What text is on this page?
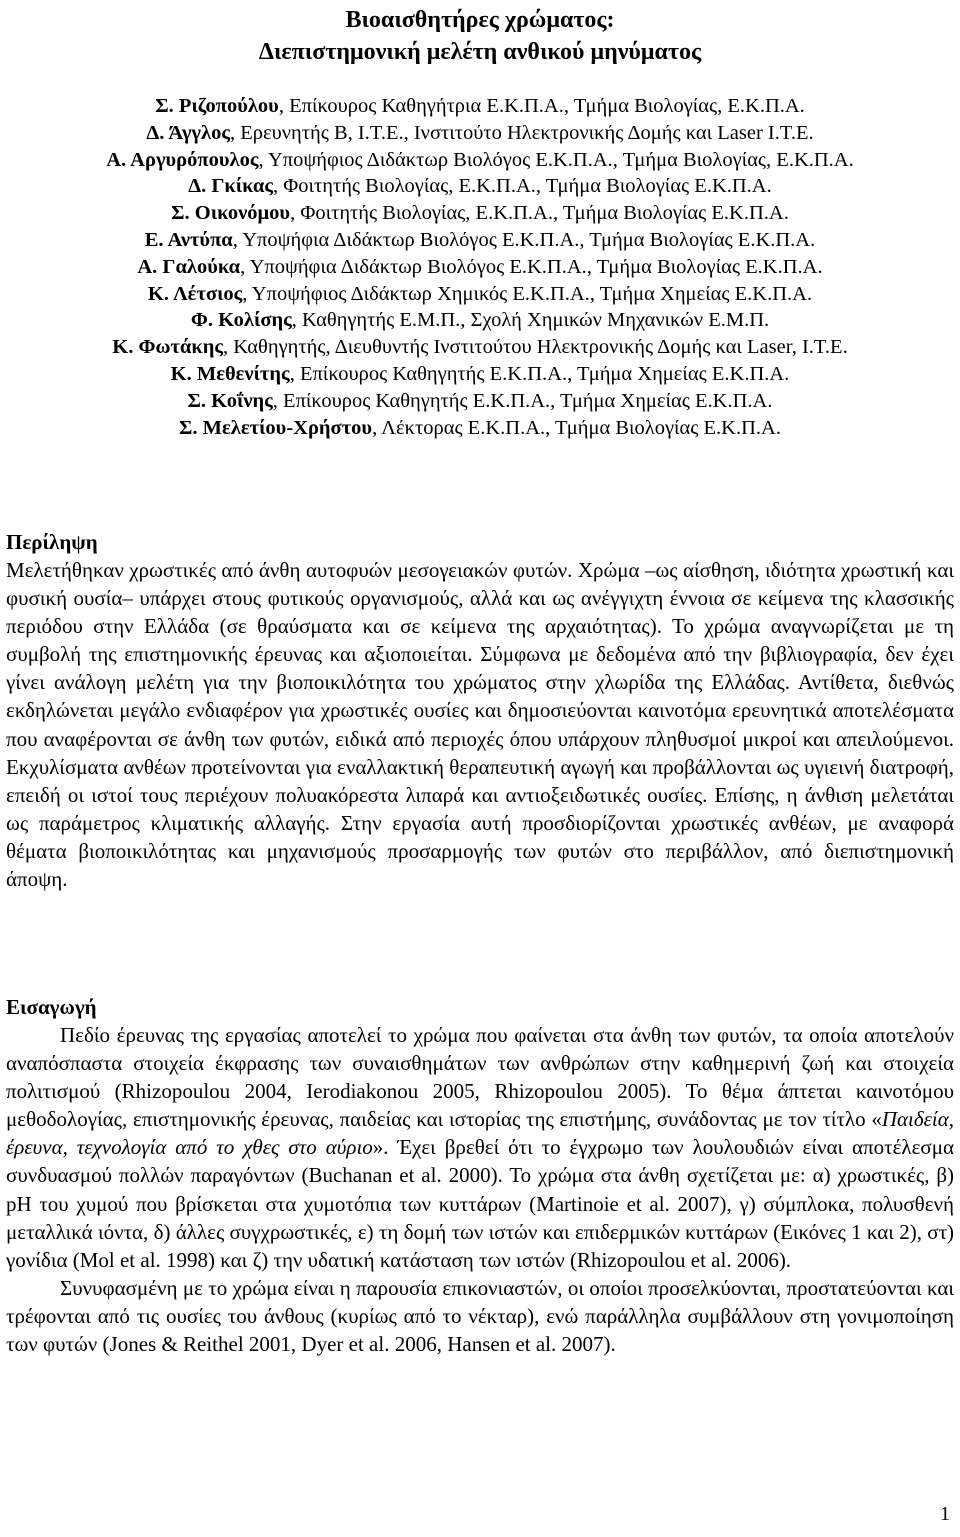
Βιοαισθητήρες χρώματος:
Διεπιστημονική μελέτη ανθικού μηνύματος
Σ. Ριζοπούλου, Επίκουρος Καθηγήτρια Ε.Κ.Π.Α., Τμήμα Βιολογίας, Ε.Κ.Π.Α.
Δ. Άγγλος, Ερευνητής Β, Ι.Τ.Ε., Ινστιτούτο Ηλεκτρονικής Δομής και Laser Ι.Τ.Ε.
Α. Αργυρόπουλος, Υποψήφιος Διδάκτωρ Βιολόγος Ε.Κ.Π.Α., Τμήμα Βιολογίας, Ε.Κ.Π.Α.
Δ. Γκίκας, Φοιτητής Βιολογίας, Ε.Κ.Π.Α., Τμήμα Βιολογίας Ε.Κ.Π.Α.
Σ. Οικονόμου, Φοιτητής Βιολογίας, Ε.Κ.Π.Α., Τμήμα Βιολογίας Ε.Κ.Π.Α.
Ε. Αντύπα, Υποψήφια Διδάκτωρ Βιολόγος Ε.Κ.Π.Α., Τμήμα Βιολογίας Ε.Κ.Π.Α.
Α. Γαλούκα, Υποψήφια Διδάκτωρ Βιολόγος Ε.Κ.Π.Α., Τμήμα Βιολογίας Ε.Κ.Π.Α.
Κ. Λέτσιος, Υποψήφιος Διδάκτωρ Χημικός Ε.Κ.Π.Α., Τμήμα Χημείας Ε.Κ.Π.Α.
Φ. Κολίσης, Καθηγητής Ε.Μ.Π., Σχολή Χημικών Μηχανικών Ε.Μ.Π.
Κ. Φωτάκης, Καθηγητής, Διευθυντής Ινστιτούτου Ηλεκτρονικής Δομής και Laser, Ι.Τ.Ε.
Κ. Μεθενίτης, Επίκουρος Καθηγητής Ε.Κ.Π.Α., Τμήμα Χημείας Ε.Κ.Π.Α.
Σ. Κοΐνης, Επίκουρος Καθηγητής Ε.Κ.Π.Α., Τμήμα Χημείας Ε.Κ.Π.Α.
Σ. Μελετίου-Χρήστου, Λέκτορας Ε.Κ.Π.Α., Τμήμα Βιολογίας Ε.Κ.Π.Α.
Περίληψη

Μελετήθηκαν χρωστικές από άνθη αυτοφυών μεσογειακών φυτών. Χρώμα –ως αίσθηση, ιδιότητα χρωστική και φυσική ουσία– υπάρχει στους φυτικούς οργανισμούς, αλλά και ως ανέγγιχτη έννοια σε κείμενα της κλασσικής περιόδου στην Ελλάδα (σε θραύσματα και σε κείμενα της αρχαιότητας). Το χρώμα αναγνωρίζεται με τη συμβολή της επιστημονικής έρευνας και αξιοποιείται. Σύμφωνα με δεδομένα από την βιβλιογραφία, δεν έχει γίνει ανάλογη μελέτη για την βιοποικιλότητα του χρώματος στην χλωρίδα της Ελλάδας. Αντίθετα, διεθνώς εκδηλώνεται μεγάλο ενδιαφέρον για χρωστικές ουσίες και δημοσιεύονται καινοτόμα ερευνητικά αποτελέσματα που αναφέρονται σε άνθη των φυτών, ειδικά από περιοχές όπου υπάρχουν πληθυσμοί μικροί και απειλούμενοι. Εκχυλίσματα ανθέων προτείνονται για εναλλακτική θεραπευτική αγωγή και προβάλλονται ως υγιεινή διατροφή, επειδή οι ιστοί τους περιέχουν πολυακόρεστα λιπαρά και αντιοξειδωτικές ουσίες. Επίσης, η άνθιση μελετάται ως παράμετρος κλιματικής αλλαγής. Στην εργασία αυτή προσδιορίζονται χρωστικές ανθέων, με αναφορά θέματα βιοποικιλότητας και μηχανισμούς προσαρμογής των φυτών στο περιβάλλον, από διεπιστημονική άποψη.

Εισαγωγή

Πεδίο έρευνας της εργασίας αποτελεί το χρώμα που φαίνεται στα άνθη των φυτών, τα οποία αποτελούν αναπόσπαστα στοιχεία έκφρασης των συναισθημάτων των ανθρώπων στην καθημερινή ζωή και στοιχεία πολιτισμού (Rhizopoulou 2004, Ierodiakonou 2005, Rhizopoulou 2005). Το θέμα άπτεται καινοτόμου μεθοδολογίας, επιστημονικής έρευνας, παιδείας και ιστορίας της επιστήμης, συνάδοντας με τον τίτλο «Παιδεία, έρευνα, τεχνολογία από το χθες στο αύριο». Έχει βρεθεί ότι το έγχρωμο των λουλουδιών είναι αποτέλεσμα συνδυασμού πολλών παραγόντων (Buchanan et al. 2000). Το χρώμα στα άνθη σχετίζεται με: α) χρωστικές, β) pH του χυμού που βρίσκεται στα χυμοτόπια των κυττάρων (Martinoie et al. 2007), γ) σύμπλοκα, πολυσθενή μεταλλικά ιόντα, δ) άλλες συγχρωστικές, ε) τη δομή των ιστών και επιδερμικών κυττάρων (Εικόνες 1 και 2), στ) γονίδια (Mol et al. 1998) και ζ) την υδατική κατάσταση των ιστών (Rhizopoulou et al. 2006).

Συνυφασμένη με το χρώμα είναι η παρουσία επικονιαστών, οι οποίοι προσελκύονται, προστατεύονται και τρέφονται από τις ουσίες του άνθους (κυρίως από το νέκταρ), ενώ παράλληλα συμβάλλουν στη γονιμοποίηση των φυτών (Jones & Reithel 2001, Dyer et al. 2006, Hansen et al. 2007).

1
